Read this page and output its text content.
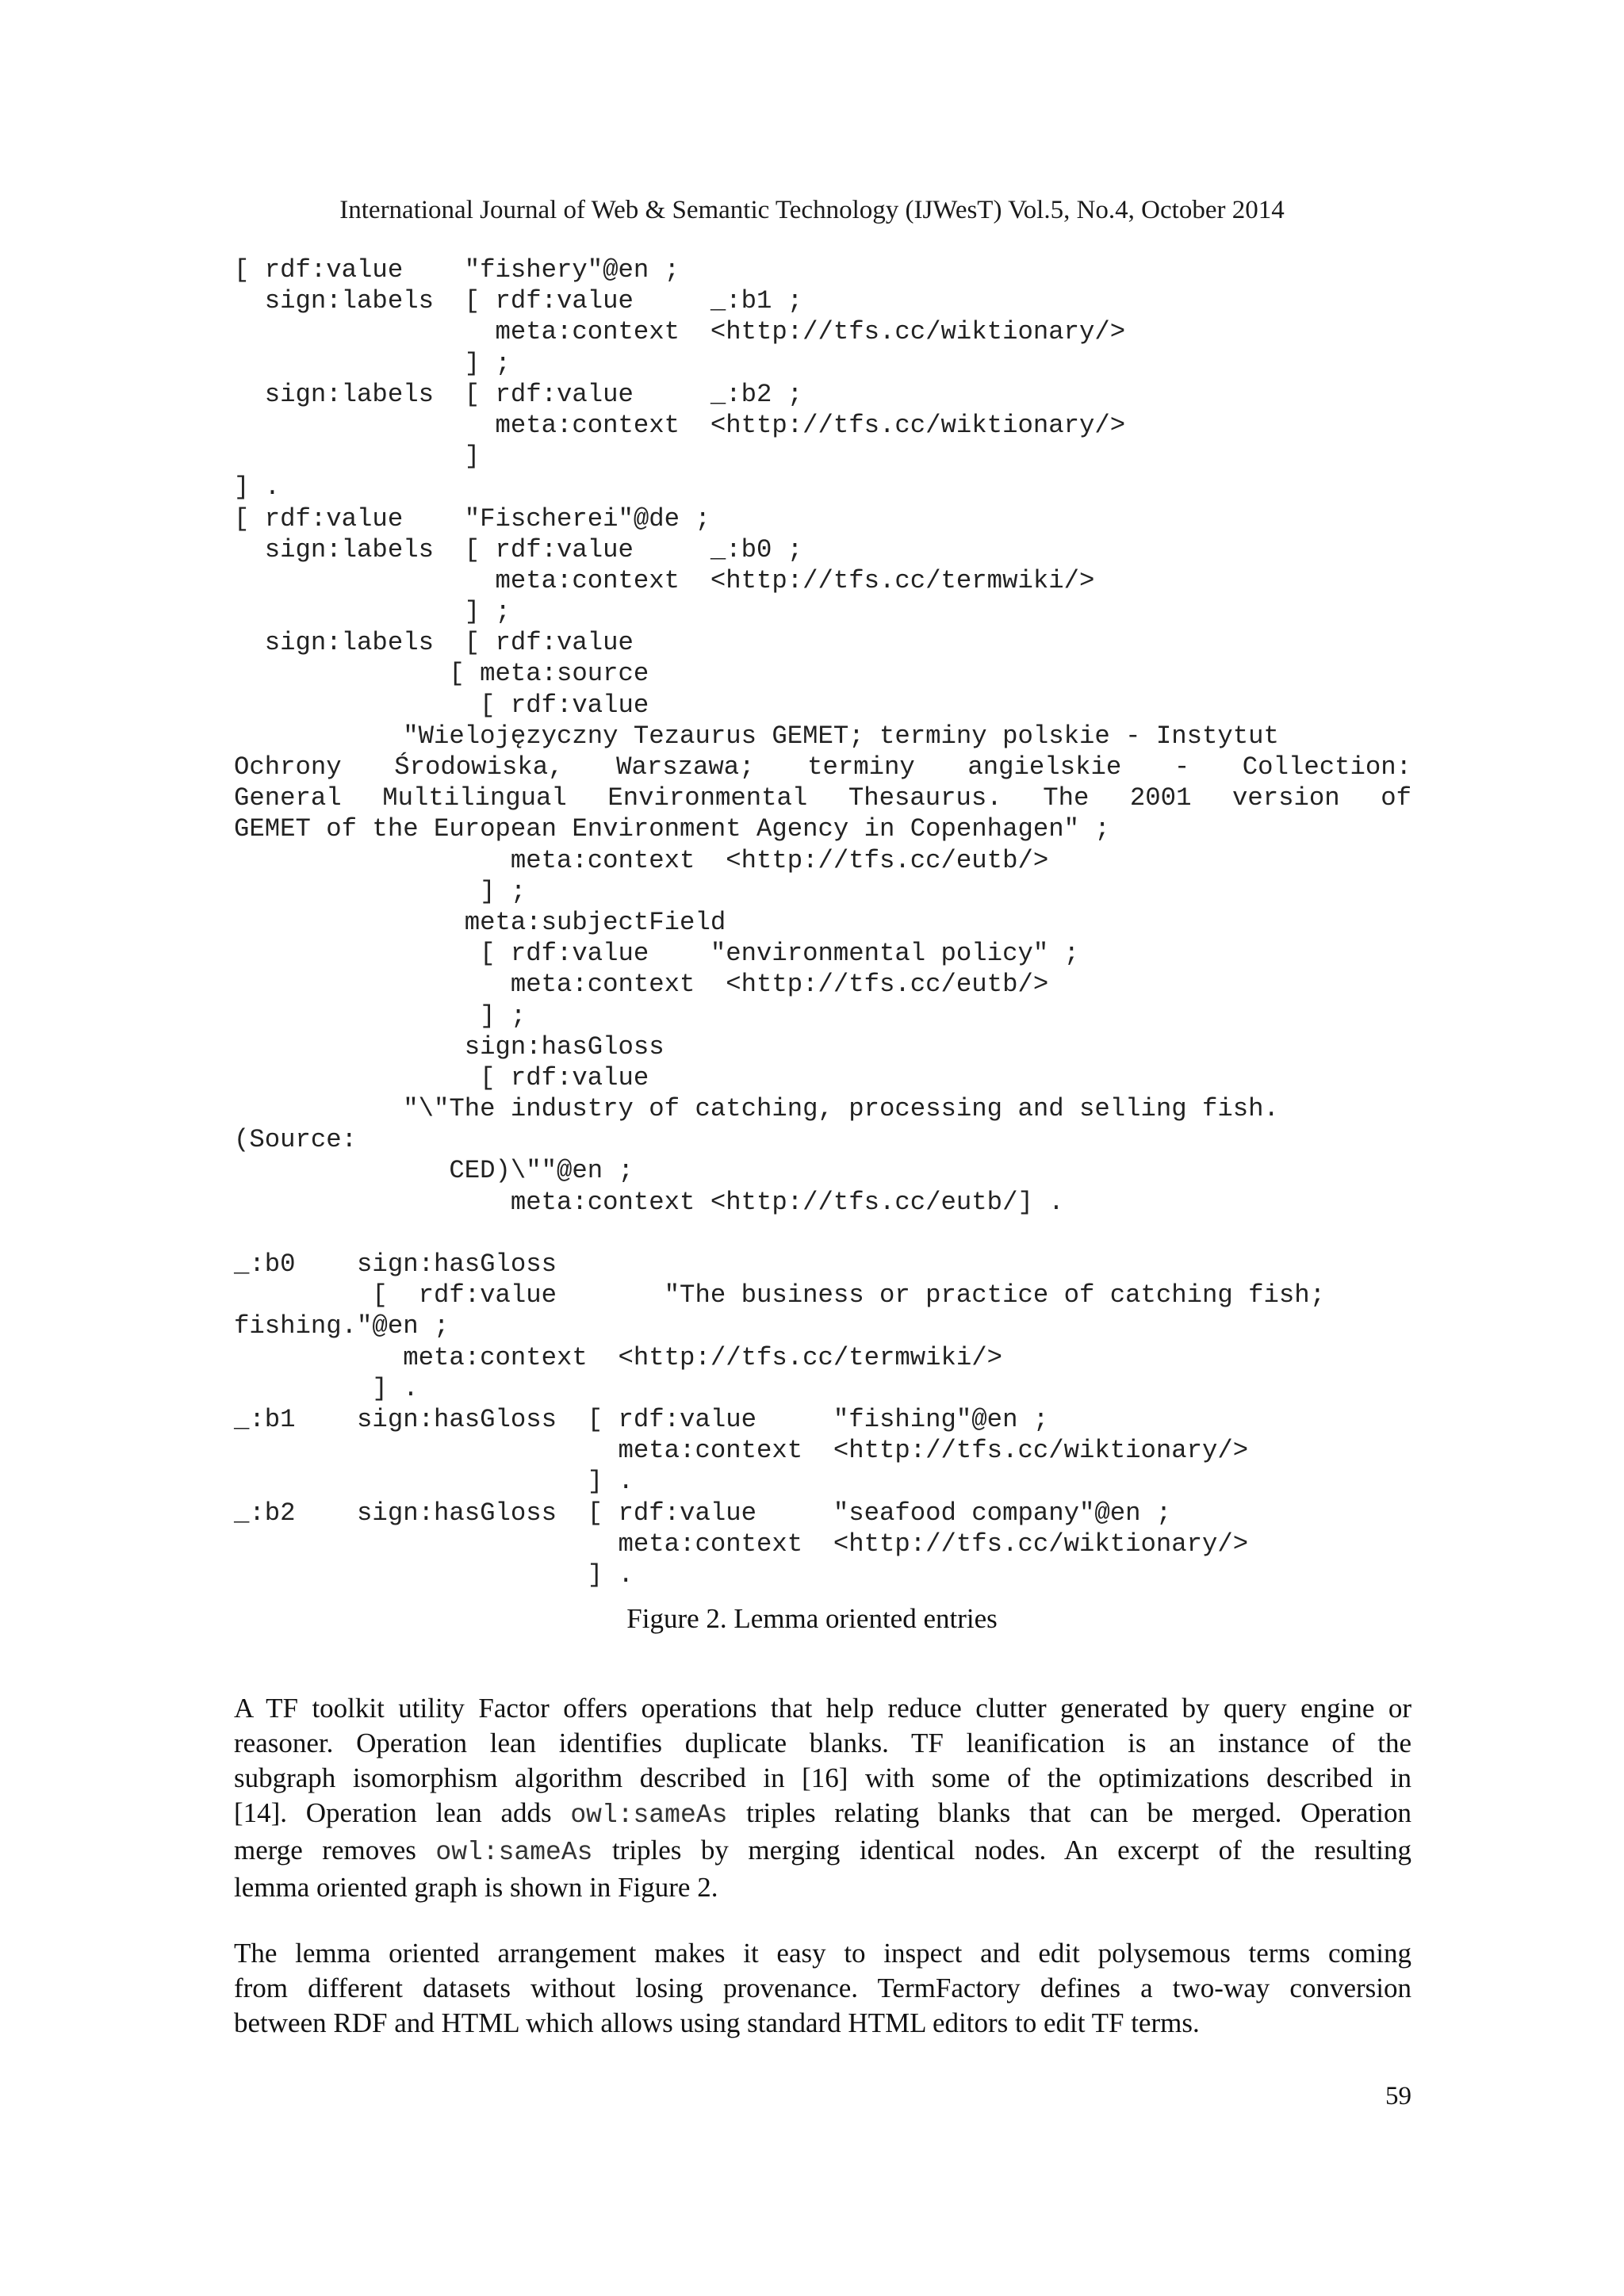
International Journal of Web & Semantic Technology (IJWesT) Vol.5, No.4, October 2014
[ rdf:value    "fishery"@en ;
sign:labels  [ rdf:value     _:b1 ;
meta:context  <http://tfs.cc/wiktionary/>
] ;
sign:labels  [ rdf:value     _:b2 ;
meta:context  <http://tfs.cc/wiktionary/>
]
] .
[ rdf:value    "Fischerei"@de ;
sign:labels  [ rdf:value     _:b0 ;
meta:context  <http://tfs.cc/termwiki/>
] ;
sign:labels  [ rdf:value
[ meta:source
[ rdf:value
"Wielojęzyczny Tezaurus GEMET; terminy polskie - Instytut
Ochrony Środowiska, Warszawa; terminy angielskie - Collection:
General Multilingual Environmental Thesaurus. The 2001 version of
GEMET of the European Environment Agency in Copenhagen" ;
meta:context  <http://tfs.cc/eutb/>
] ;
meta:subjectField
[ rdf:value    "environmental policy" ;
meta:context  <http://tfs.cc/eutb/>
] ;
sign:hasGloss
[ rdf:value
"\"The industry of catching, processing and selling fish.
(Source:
CED)\""@en ;
meta:context <http://tfs.cc/eutb/] .
_:b0    sign:hasGloss
[  rdf:value       "The business or practice of catching fish;
fishing."@en ;
meta:context  <http://tfs.cc/termwiki/>
] .
_:b1    sign:hasGloss  [ rdf:value     "fishing"@en ;
meta:context  <http://tfs.cc/wiktionary/>
] .
_:b2    sign:hasGloss  [ rdf:value     "seafood company"@en ;
meta:context  <http://tfs.cc/wiktionary/>
] .
Figure 2. Lemma oriented entries
A TF toolkit utility Factor offers operations that help reduce clutter generated by query engine or
reasoner. Operation lean identifies duplicate blanks. TF leanification is an instance of the
subgraph isomorphism algorithm described in [16] with some of the optimizations described in
[14]. Operation lean adds owl:sameAs triples relating blanks that can be merged. Operation
merge removes owl:sameAs triples by merging identical nodes. An excerpt of the resulting
lemma oriented graph is shown in Figure 2.
The lemma oriented arrangement makes it easy to inspect and edit polysemous terms coming
from different datasets without losing provenance. TermFactory defines a two-way conversion
between RDF and HTML which allows using standard HTML editors to edit TF terms.
59
